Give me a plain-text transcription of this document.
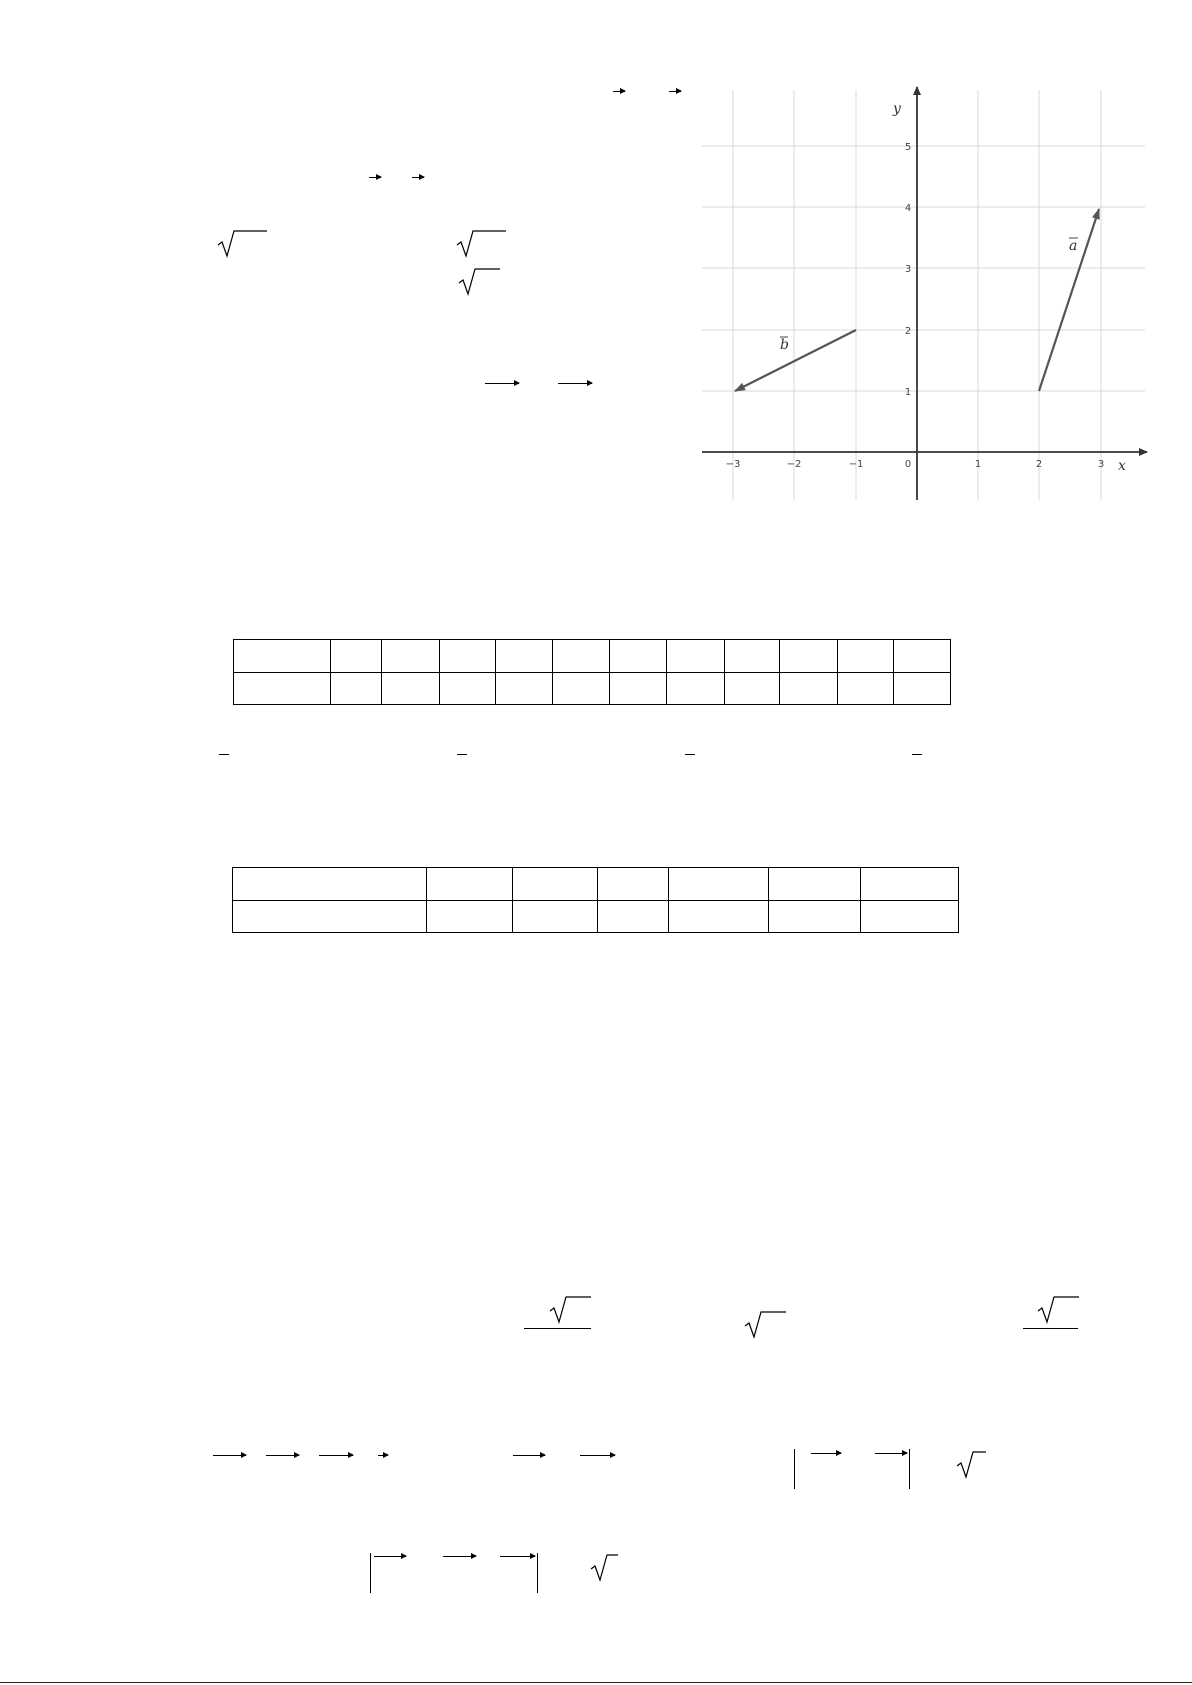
−3	−2	−1	0	1	2	3
1
2
3
4
5
x
y
a
b
